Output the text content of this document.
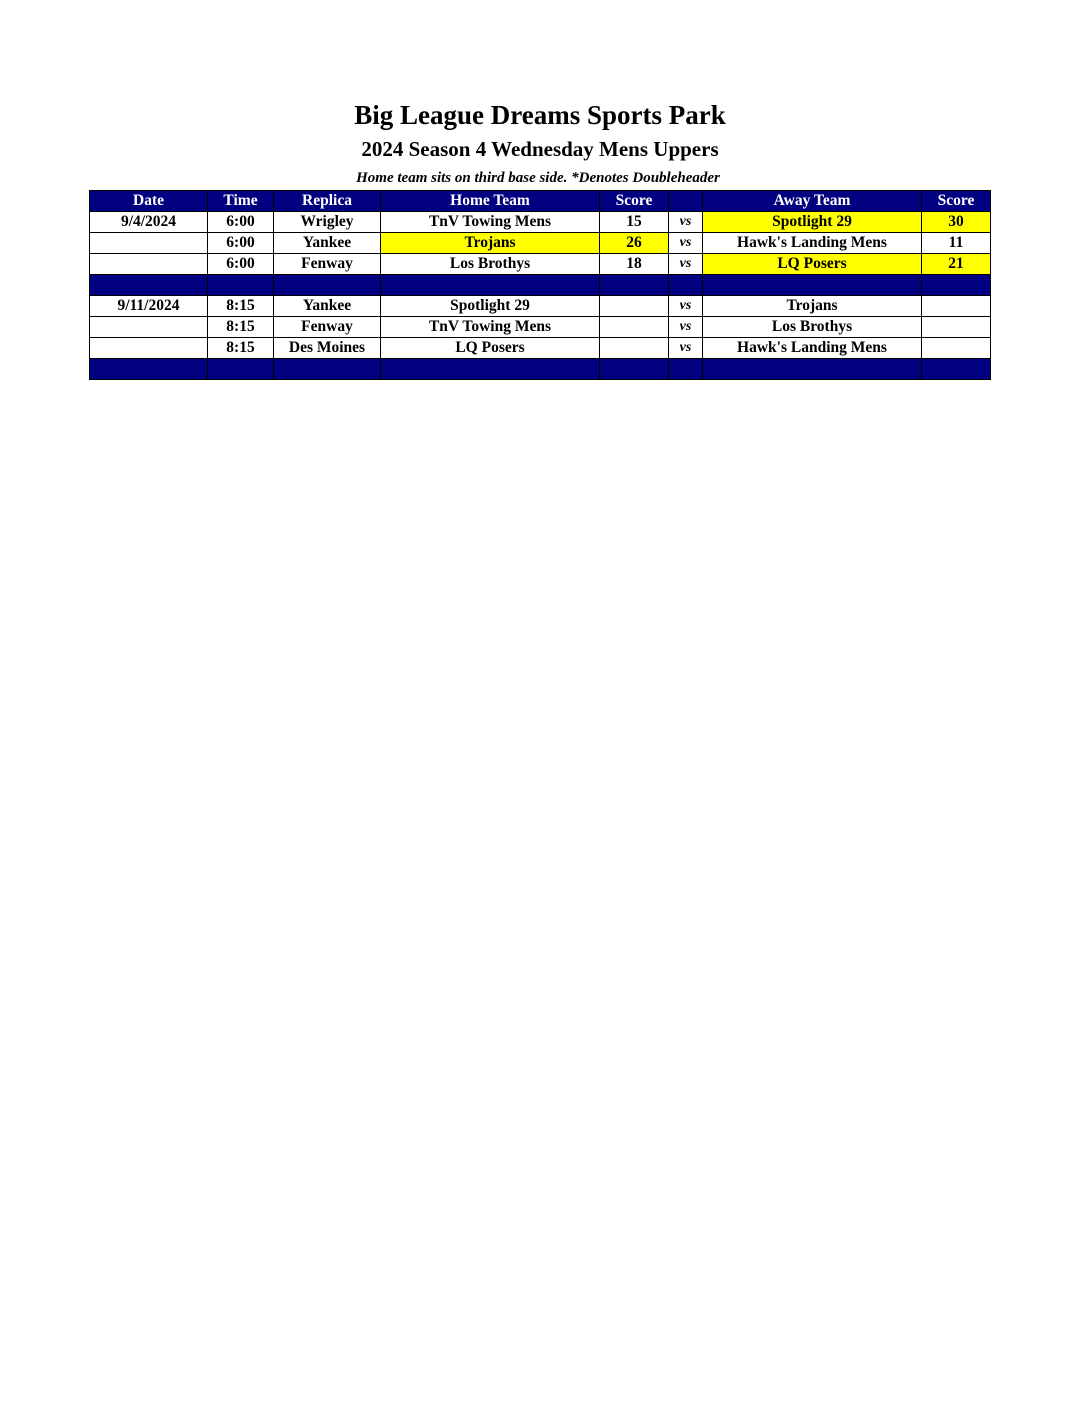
Big League Dreams Sports Park
2024 Season 4 Wednesday Mens Uppers
Home team sits on third base side. *Denotes Doubleheader
Date	Time	Replica	Home Team	Score		Away Team	Score
9/4/2024	6:00	Wrigley	TnV Towing Mens	15	vs	Spotlight 29	30
	6:00	Yankee	Trojans	26	vs	Hawk's Landing Mens	11
	6:00	Fenway	Los Brothys	18	vs	LQ Posers	21

9/11/2024	8:15	Yankee	Spotlight 29		vs	Trojans	
	8:15	Fenway	TnV Towing Mens		vs	Los Brothys	
	8:15	Des Moines	LQ Posers		vs	Hawk's Landing Mens	
